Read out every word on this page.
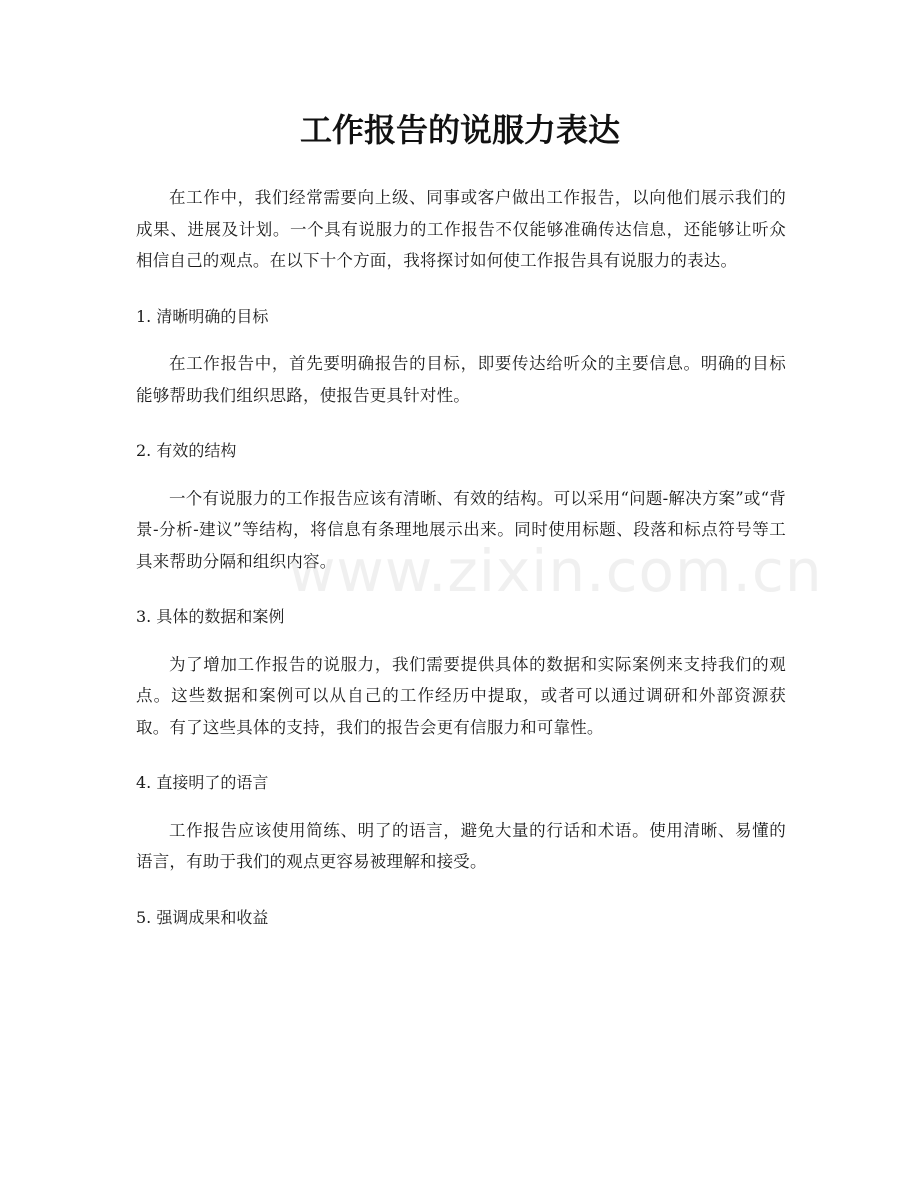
工作报告的说服力表达

在工作中，我们经常需要向上级、同事或客户做出工作报告，以向他们展示我们的成果、进展及计划。一个具有说服力的工作报告不仅能够准确传达信息，还能够让听众相信自己的观点。在以下十个方面，我将探讨如何使工作报告具有说服力的表达。

1. 清晰明确的目标

在工作报告中，首先要明确报告的目标，即要传达给听众的主要信息。明确的目标能够帮助我们组织思路，使报告更具针对性。

2. 有效的结构

一个有说服力的工作报告应该有清晰、有效的结构。可以采用“问题-解决方案”或“背景-分析-建议”等结构，将信息有条理地展示出来。同时使用标题、段落和标点符号等工具来帮助分隔和组织内容。

3. 具体的数据和案例

为了增加工作报告的说服力，我们需要提供具体的数据和实际案例来支持我们的观点。这些数据和案例可以从自己的工作经历中提取，或者可以通过调研和外部资源获取。有了这些具体的支持，我们的报告会更有信服力和可靠性。

4. 直接明了的语言

工作报告应该使用简练、明了的语言，避免大量的行话和术语。使用清晰、易懂的语言，有助于我们的观点更容易被理解和接受。

5. 强调成果和收益

www.zixin.com.cn
